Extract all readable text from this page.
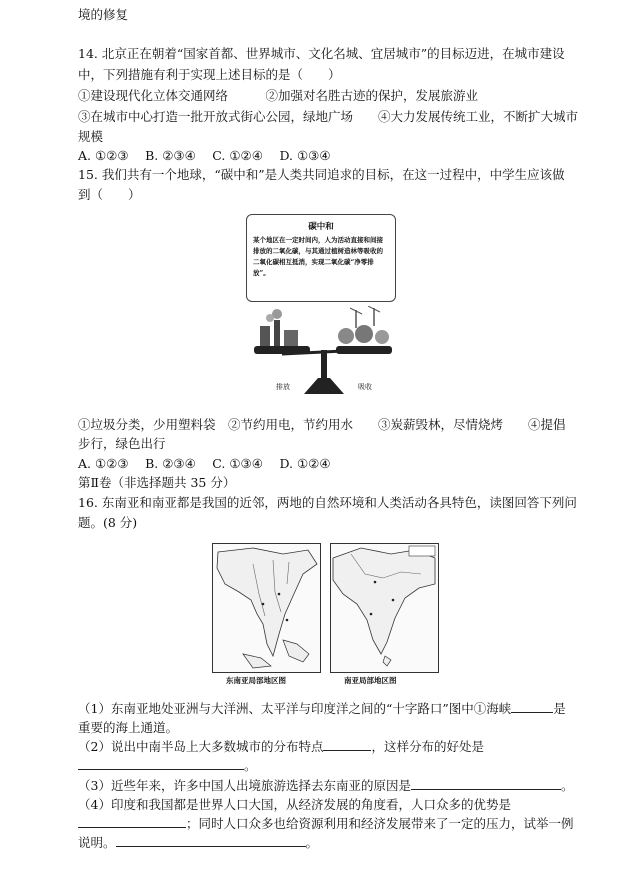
境的修复
14. 北京正在朝着“国家首都、世界城市、文化名城、宜居城市”的目标迈进，在城市建设
中，下列措施有利于实现上述目标的是（　　）
①建设现代化立体交通网络　　　②加强对名胜古迹的保护，发展旅游业
③在城市中心打造一批开放式街心公园，绿地广场　　④大力发展传统工业，不断扩大城市
规模
A. ①②③　 B. ②③④　 C. ①②④　 D. ①③④
15. 我们共有一个地球，“碳中和”是人类共同追求的目标，在这一过程中，中学生应该做
到（　　）
碳中和
某个地区在一定时间内，人为活动直接和间接排放的二氧化碳，与其通过植树造林等吸收的二氧化碳相互抵消，实现二氧化碳“净零排放”。
排放	吸收
①垃圾分类，少用塑料袋　②节约用电，节约用水　　③炭薪毁林，尽情烧烤　　④提倡
步行，绿色出行
A. ①②③　 B. ②③④　 C. ①③④　 D. ①②④
第Ⅱ卷（非选择题共 35 分）
16. 东南亚和南亚都是我国的近邻，两地的自然环境和人类活动各具特色，读图回答下列问
题。(8 分)
东南亚局部地区图	南亚局部地区图
（1）东南亚地处亚洲与大洋洲、太平洋与印度洋之间的“十字路口”图中①海峡	是
重要的海上通道。
（2）说出中南半岛上大多数城市的分布特点	，这样分布的好处是
。
（3）近些年来，许多中国人出境旅游选择去东南亚的原因是	。
（4）印度和我国都是世界人口大国，从经济发展的角度看，人口众多的优势是
；同时人口众多也给资源利用和经济发展带来了一定的压力，试举一例
说明。	。
